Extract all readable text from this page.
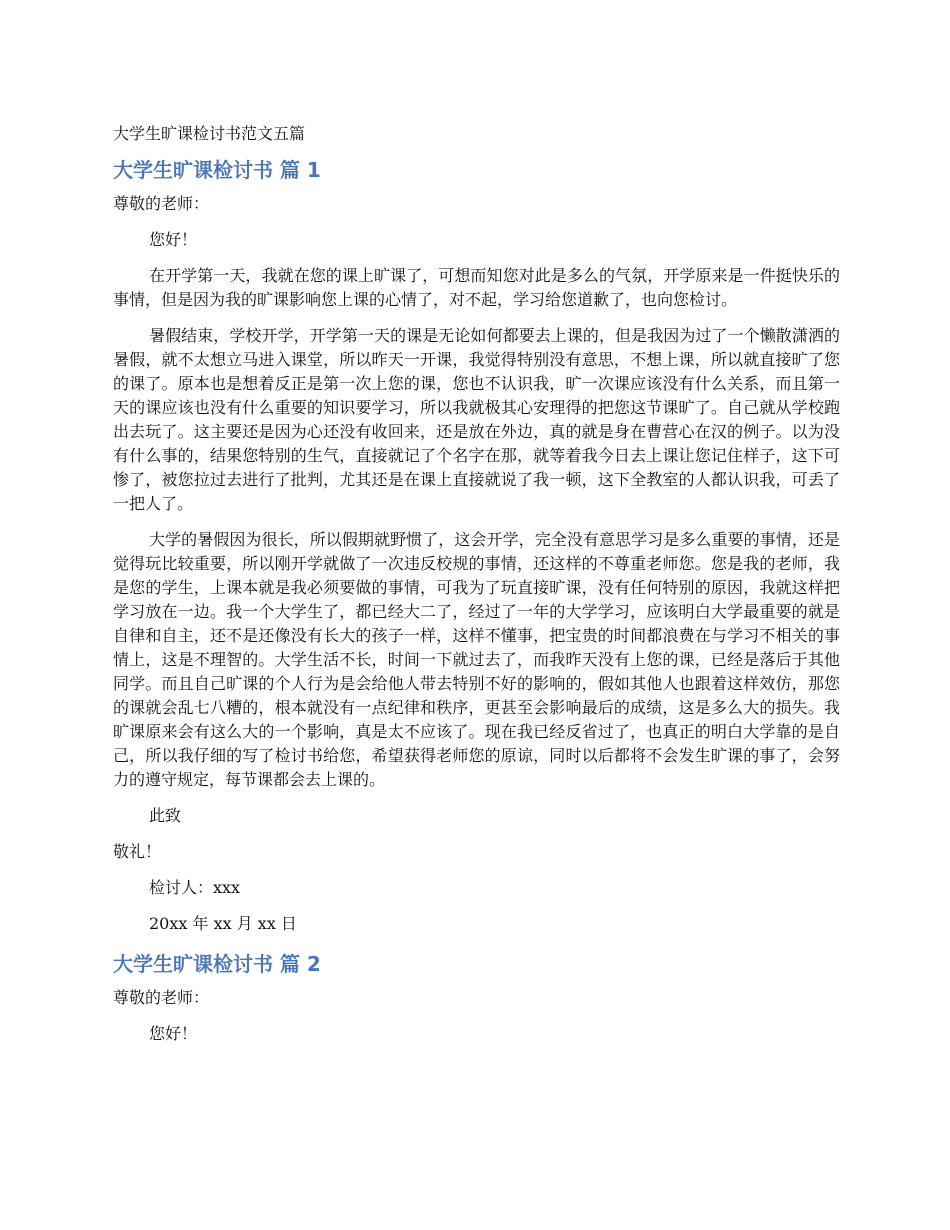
大学生旷课检讨书范文五篇
大学生旷课检讨书 篇 1

尊敬的老师：

您好！

在开学第一天，我就在您的课上旷课了，可想而知您对此是多么的气氛，开学原来是一件挺快乐的事情，但是因为我的旷课影响您上课的心情了，对不起，学习给您道歉了，也向您检讨。

暑假结束，学校开学，开学第一天的课是无论如何都要去上课的，但是我因为过了一个懒散潇洒的暑假，就不太想立马进入课堂，所以昨天一开课，我觉得特别没有意思，不想上课，所以就直接旷了您的课了。原本也是想着反正是第一次上您的课，您也不认识我，旷一次课应该没有什么关系，而且第一天的课应该也没有什么重要的知识要学习，所以我就极其心安理得的把您这节课旷了。自己就从学校跑出去玩了。这主要还是因为心还没有收回来，还是放在外边，真的就是身在曹营心在汉的例子。以为没有什么事的，结果您特别的生气，直接就记了个名字在那，就等着我今日去上课让您记住样子，这下可惨了，被您拉过去进行了批判，尤其还是在课上直接就说了我一顿，这下全教室的人都认识我，可丢了一把人了。

大学的暑假因为很长，所以假期就野惯了，这会开学，完全没有意思学习是多么重要的事情，还是觉得玩比较重要，所以刚开学就做了一次违反校规的事情，还这样的不尊重老师您。您是我的老师，我是您的学生，上课本就是我必须要做的事情，可我为了玩直接旷课，没有任何特别的原因，我就这样把学习放在一边。我一个大学生了，都已经大二了，经过了一年的大学学习，应该明白大学最重要的就是自律和自主，还不是还像没有长大的孩子一样，这样不懂事，把宝贵的时间都浪费在与学习不相关的事情上，这是不理智的。大学生活不长，时间一下就过去了，而我昨天没有上您的课，已经是落后于其他同学。而且自己旷课的个人行为是会给他人带去特别不好的影响的，假如其他人也跟着这样效仿，那您的课就会乱七八糟的，根本就没有一点纪律和秩序，更甚至会影响最后的成绩，这是多么大的损失。我旷课原来会有这么大的一个影响，真是太不应该了。现在我已经反省过了，也真正的明白大学靠的是自己，所以我仔细的写了检讨书给您，希望获得老师您的原谅，同时以后都将不会发生旷课的事了，会努力的遵守规定，每节课都会去上课的。

此致

敬礼！

检讨人：xxx

20xx 年 xx 月 xx 日

大学生旷课检讨书 篇 2

尊敬的老师：

您好！
